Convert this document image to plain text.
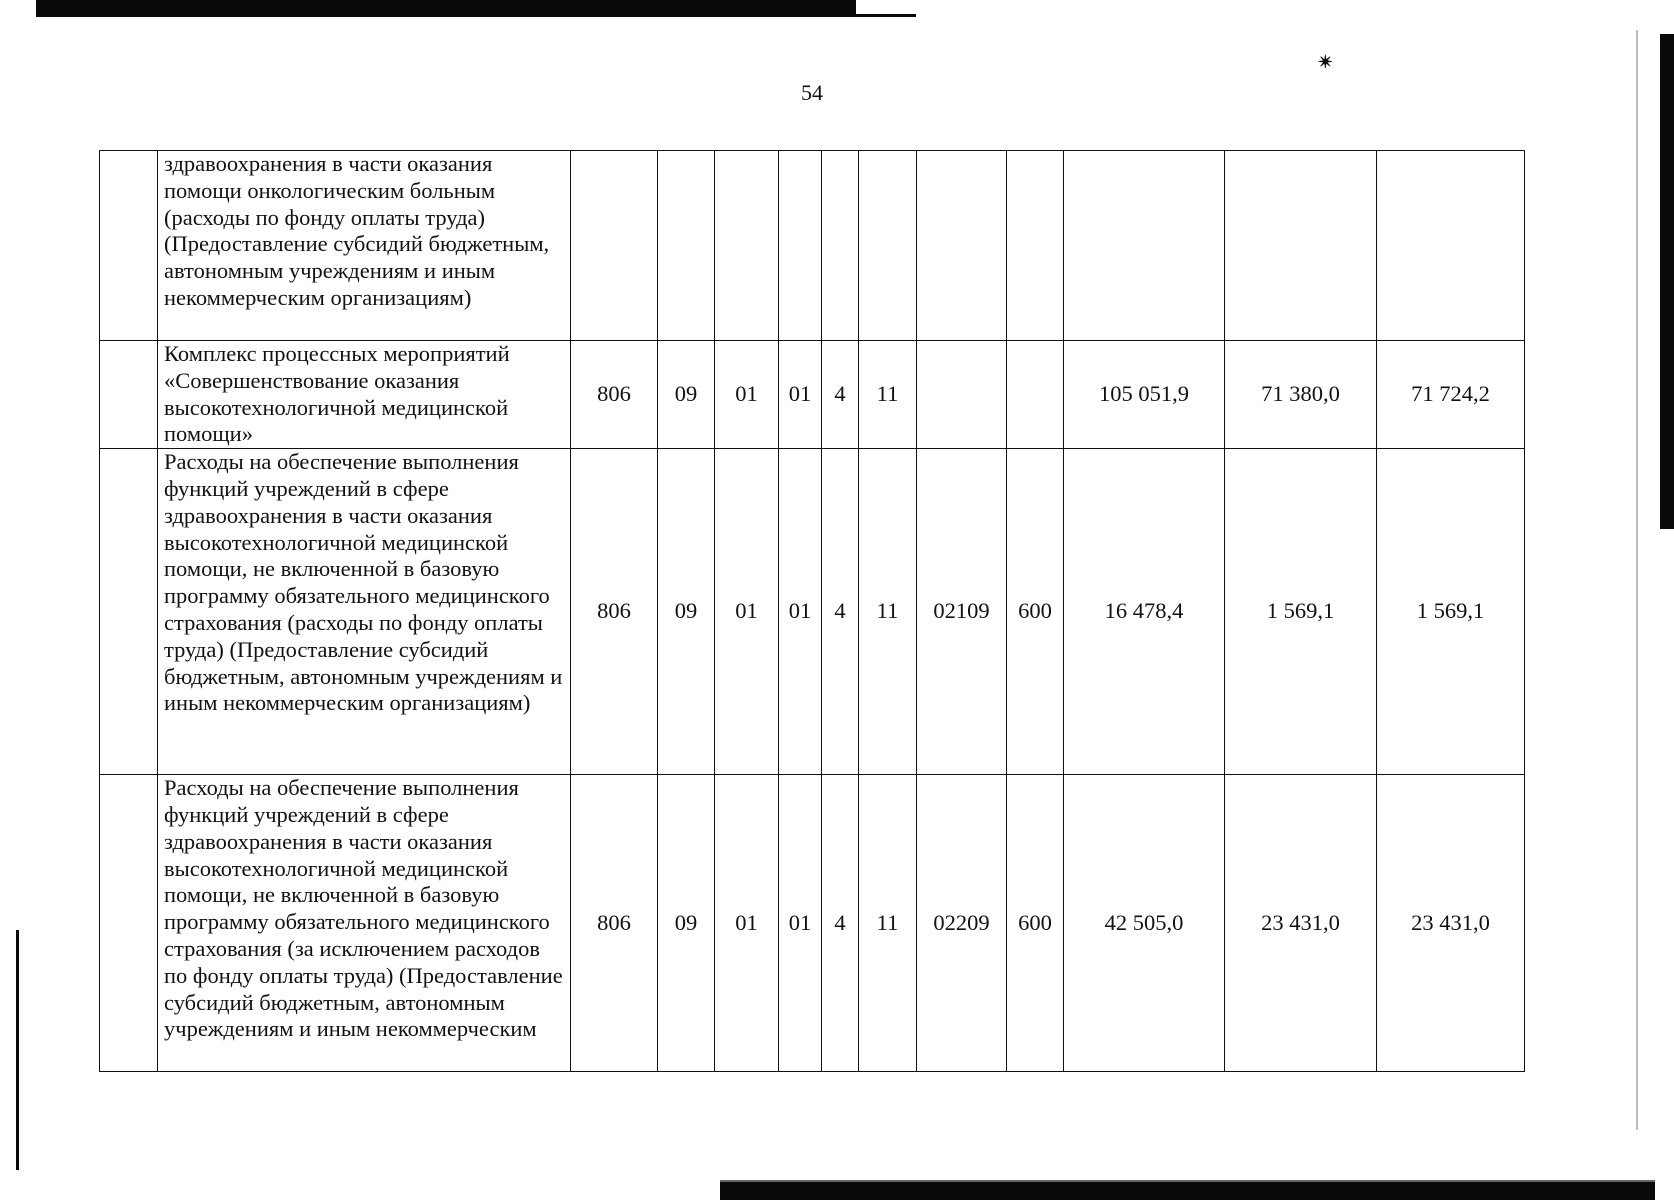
54
✴
	здравоохранения в части оказания помощи онкологическим больным (расходы по фонду оплаты труда) (Предоставление субсидий бюджетным, автономным учреждениям и иным некоммерческим организациям)											
	Комплекс процессных мероприятий «Совершенствование оказания высокотехнологичной медицинской помощи»	806	09	01	01	4	11			105 051,9	71 380,0	71 724,2
	Расходы на обеспечение выполнения функций учреждений в сфере здравоохранения в части оказания высокотехнологичной медицинской помощи, не включенной в базовую программу обязательного медицинского страхования (расходы по фонду оплаты труда) (Предоставление субсидий бюджетным, автономным учреждениям и иным некоммерческим организациям)	806	09	01	01	4	11	02109	600	16 478,4	1 569,1	1 569,1
	Расходы на обеспечение выполнения функций учреждений в сфере здравоохранения в части оказания высокотехнологичной медицинской помощи, не включенной в базовую программу обязательного медицинского страхования (за исключением расходов по фонду оплаты труда) (Предоставление субсидий бюджетным, автономным учреждениям и иным некоммерческим	806	09	01	01	4	11	02209	600	42 505,0	23 431,0	23 431,0
